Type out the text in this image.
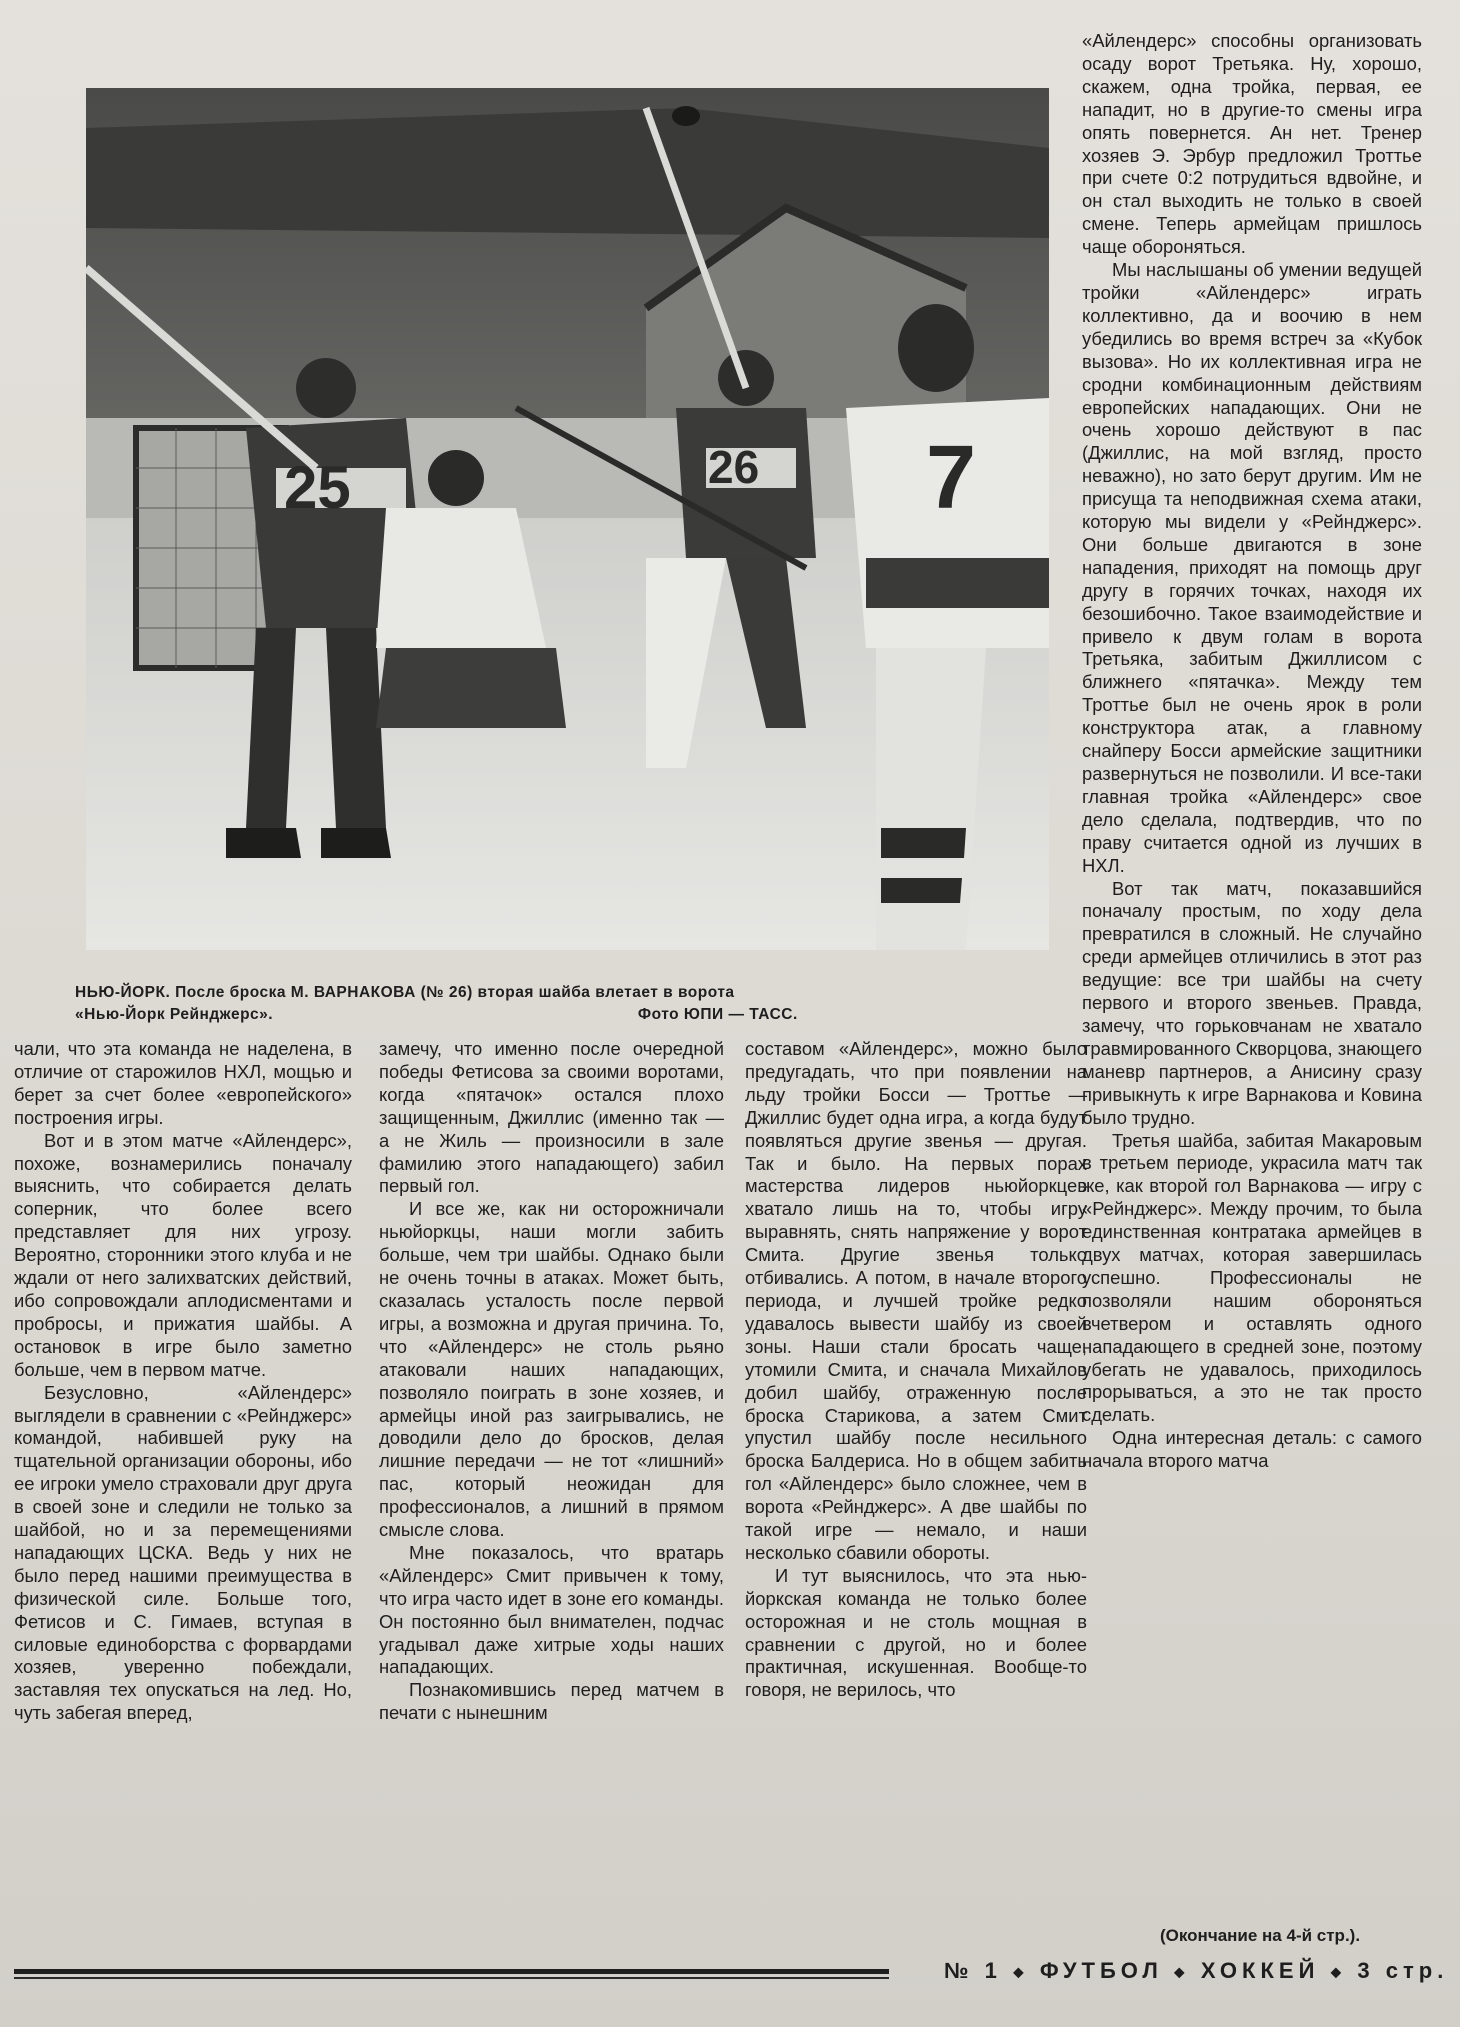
25	26 7
НЬЮ-ЙОРК. После броска М. ВАРНАКОВА (№ 26) вторая шайба влетает в ворота
«Нью-Йорк Рейнджерс».	Фото ЮПИ — ТАСС.

чали, что эта команда не наделена, в отличие от старожилов НХЛ, мощью и берет за счет более «европейского» построения игры.

Вот и в этом матче «Айлендерс», похоже, вознамерились поначалу выяснить, что собирается делать соперник, что более всего представляет для них угрозу. Вероятно, сторонники этого клуба и не ждали от него залихватских действий, ибо сопровождали аплодисментами и пробросы, и прижатия шайбы. А остановок в игре было заметно больше, чем в первом матче.

Безусловно, «Айлендерс» выглядели в сравнении с «Рейнджерс» командой, набившей руку на тщательной организации обороны, ибо ее игроки умело страховали друг друга в своей зоне и следили не только за шайбой, но и за перемещениями нападающих ЦСКА. Ведь у них не было перед нашими преимущества в физической силе. Больше того, Фетисов и С. Гимаев, вступая в силовые единоборства с форвардами хозяев, уверенно побеждали, заставляя тех опускаться на лед. Но, чуть забегая вперед,

замечу, что именно после очередной победы Фетисова за своими воротами, когда «пятачок» остался плохо защищенным, Джиллис (именно так — а не Жиль — произносили в зале фамилию этого нападающего) забил первый гол.

И все же, как ни осторожничали ньюйоркцы, наши могли забить больше, чем три шайбы. Однако были не очень точны в атаках. Может быть, сказалась усталость после первой игры, а возможна и другая причина. То, что «Айлендерс» не столь рьяно атаковали наших нападающих, позволяло поиграть в зоне хозяев, и армейцы иной раз заигрывались, не доводили дело до бросков, делая лишние передачи — не тот «лишний» пас, который неожидан для профессионалов, а лишний в прямом смысле слова.

Мне показалось, что вратарь «Айлендерс» Смит привычен к тому, что игра часто идет в зоне его команды. Он постоянно был внимателен, подчас угадывал даже хитрые ходы наших нападающих.

Познакомившись перед матчем в печати с нынешним

составом «Айлендерс», можно было предугадать, что при появлении на льду тройки Босси — Троттье — Джиллис будет одна игра, а когда будут появляться другие звенья — другая. Так и было. На первых порах мастерства лидеров ньюйоркцев хватало лишь на то, чтобы игру выравнять, снять напряжение у ворот Смита. Другие звенья только отбивались. А потом, в начале второго периода, и лучшей тройке редко удавалось вывести шайбу из своей зоны. Наши стали бросать чаще, утомили Смита, и сначала Михайлов добил шайбу, отраженную после броска Старикова, а затем Смит упустил шайбу после несильного броска Балдериса. Но в общем забить гол «Айлендерс» было сложнее, чем в ворота «Рейнджерс». А две шайбы по такой игре — немало, и наши несколько сбавили обороты.

И тут выяснилось, что эта нью-йоркская команда не только более осторожная и не столь мощная в сравнении с другой, но и более практичная, искушенная. Вообще-то говоря, не верилось, что

«Айлендерс» способны организовать осаду ворот Третьяка. Ну, хорошо, скажем, одна тройка, первая, ее нападит, но в другие-то смены игра опять повернется. Ан нет. Тренер хозяев Э. Эрбур предложил Троттье при счете 0:2 потрудиться вдвойне, и он стал выходить не только в своей смене. Теперь армейцам пришлось чаще обороняться.

Мы наслышаны об умении ведущей тройки «Айлендерс» играть коллективно, да и воочию в нем убедились во время встреч за «Кубок вызова». Но их коллективная игра не сродни комбинационным действиям европейских нападающих. Они не очень хорошо действуют в пас (Джиллис, на мой взгляд, просто неважно), но зато берут другим. Им не присуща та неподвижная схема атаки, которую мы видели у «Рейнджерс». Они больше двигаются в зоне нападения, приходят на помощь друг другу в горячих точках, находя их безошибочно. Такое взаимодействие и привело к двум голам в ворота Третьяка, забитым Джиллисом с ближнего «пятачка». Между тем Троттье был не очень ярок в роли конструктора атак, а главному снайперу Босси армейские защитники развернуться не позволили. И все-таки главная тройка «Айлендерс» свое дело сделала, подтвердив, что по праву считается одной из лучших в НХЛ.

Вот так матч, показавшийся поначалу простым, по ходу дела превратился в сложный. Не случайно среди армейцев отличились в этот раз ведущие: все три шайбы на счету первого и второго звеньев. Правда, замечу, что горьковчанам не хватало травмированного Скворцова, знающего маневр партнеров, а Анисину сразу привыкнуть к игре Варнакова и Ковина было трудно.

Третья шайба, забитая Макаровым в третьем периоде, украсила матч так же, как второй гол Варнакова — игру с «Рейнджерс». Между прочим, то была единственная контратака армейцев в двух матчах, которая завершилась успешно. Профессионалы не позволяли нашим обороняться вчетвером и оставлять одного нападающего в средней зоне, поэтому убегать не удавалось, приходилось прорываться, а это не так просто сделать.

Одна интересная деталь: с самого начала второго матча

(Окончание на 4-й стр.).
№ 1 ◆ ФУТБОЛ ◆ ХОККЕЙ ◆ 3 стр.
